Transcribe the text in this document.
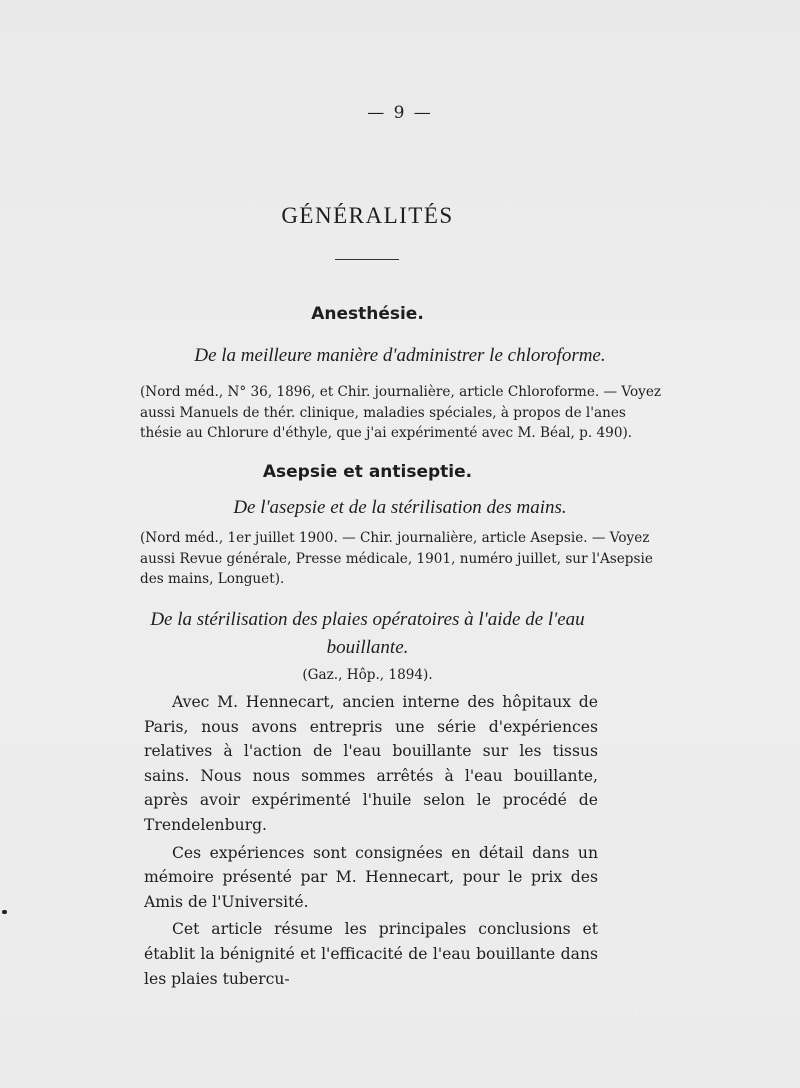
— 9 —
GÉNÉRALITÉS
Anesthésie.
De la meilleure manière d'administrer le chloroforme.
(Nord méd., N° 36, 1896, et Chir. journalière, article Chloroforme. — Voyez
aussi Manuels de thér. clinique, maladies spéciales, à propos de l'anes
thésie au Chlorure d'éthyle, que j'ai expérimenté avec M. Béal, p. 490).
Asepsie et antiseptie.
De l'asepsie et de la stérilisation des mains.
(Nord méd., 1er juillet 1900. — Chir. journalière, article Asepsie. — Voyez
aussi Revue générale, Presse médicale, 1901, numéro juillet, sur l'Asepsie
des mains, Longuet).
De la stérilisation des plaies opératoires à l'aide de l'eau
bouillante.
(Gaz., Hôp., 1894).

Avec M. Hennecart, ancien interne des hôpitaux de Paris, nous avons entrepris une série d'expériences relatives à l'action de l'eau bouillante sur les tissus sains. Nous nous sommes arrêtés à l'eau bouillante, après avoir expérimenté l'huile selon le procédé de Trendelenburg.

Ces expériences sont consignées en détail dans un mémoire présenté par M. Hennecart, pour le prix des Amis de l'Université.

Cet article résume les principales conclusions et établit la bénignité et l'efficacité de l'eau bouillante dans les plaies tubercu-
